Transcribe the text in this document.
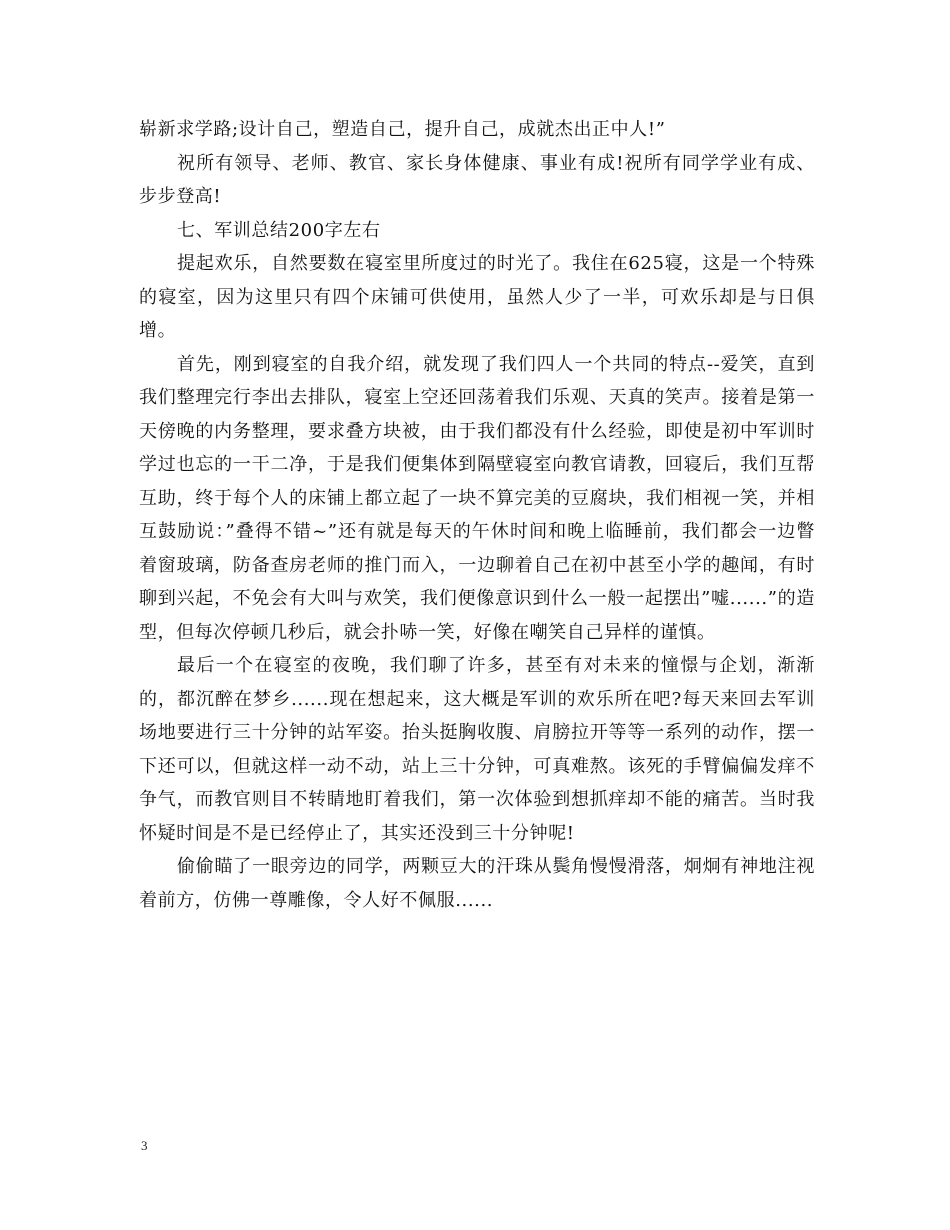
崭新求学路;设计自己，塑造自己，提升自己，成就杰出正中人!”

祝所有领导、老师、教官、家长身体健康、事业有成!祝所有同学学业有成、步步登高!

七、军训总结200字左右

提起欢乐，自然要数在寝室里所度过的时光了。我住在625寝，这是一个特殊的寝室，因为这里只有四个床铺可供使用，虽然人少了一半，可欢乐却是与日俱增。

首先，刚到寝室的自我介绍，就发现了我们四人一个共同的特点--爱笑，直到我们整理完行李出去排队，寝室上空还回荡着我们乐观、天真的笑声。接着是第一天傍晚的内务整理，要求叠方块被，由于我们都没有什么经验，即使是初中军训时学过也忘的一干二净，于是我们便集体到隔壁寝室向教官请教，回寝后，我们互帮互助，终于每个人的床铺上都立起了一块不算完美的豆腐块，我们相视一笑，并相互鼓励说：”叠得不错~”还有就是每天的午休时间和晚上临睡前，我们都会一边瞥着窗玻璃，防备查房老师的推门而入，一边聊着自己在初中甚至小学的趣闻，有时聊到兴起，不免会有大叫与欢笑，我们便像意识到什么一般一起摆出”嘘......”的造型，但每次停顿几秒后，就会扑哧一笑，好像在嘲笑自己异样的谨慎。

最后一个在寝室的夜晚，我们聊了许多，甚至有对未来的憧憬与企划，渐渐的，都沉醉在梦乡......现在想起来，这大概是军训的欢乐所在吧?每天来回去军训场地要进行三十分钟的站军姿。抬头挺胸收腹、肩膀拉开等等一系列的动作，摆一下还可以，但就这样一动不动，站上三十分钟，可真难熬。该死的手臂偏偏发痒不争气，而教官则目不转睛地盯着我们，第一次体验到想抓痒却不能的痛苦。当时我怀疑时间是不是已经停止了，其实还没到三十分钟呢!

偷偷瞄了一眼旁边的同学，两颗豆大的汗珠从鬓角慢慢滑落，炯炯有神地注视着前方，仿佛一尊雕像，令人好不佩服......

3
